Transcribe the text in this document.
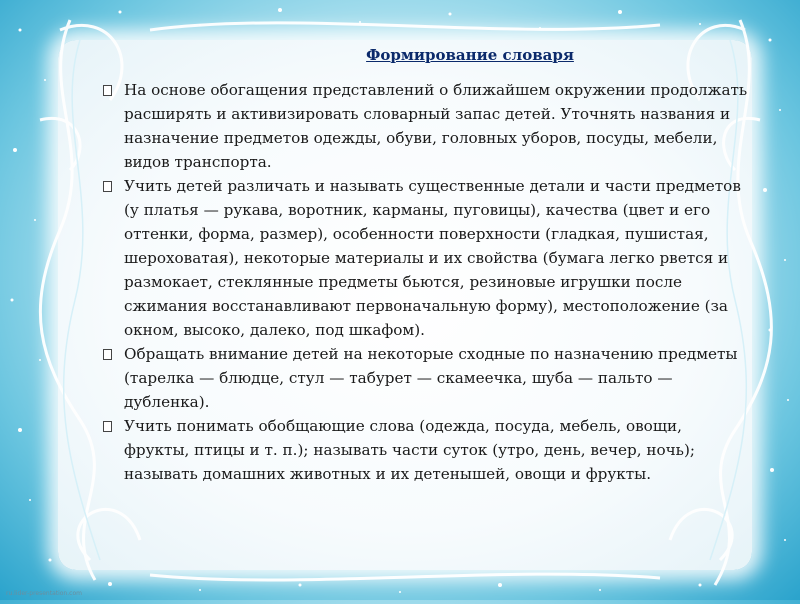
Формирование словаря
На основе обогащения представлений о ближайшем окружении продолжать расширять и активизировать словарный запас детей. Уточнять названия и назначение предметов одежды, обуви, головных уборов, посуды, мебели, видов транспорта.
Учить детей различать и называть существенные детали и части предметов (у платья — рукава, воротник, карманы, пуговицы), качества (цвет и его оттенки, форма, размер), особенности поверхности (гладкая, пушистая, шероховатая), некоторые материалы и их свойства (бумага легко рвется и размокает, стеклянные предметы бьются, резиновые игрушки после сжимания восстанавливают первоначальную форму), местоположение (за окном, высоко, далеко, под шкафом).
Обращать внимание детей на некоторые сходные по назначению предметы (тарелка — блюдце, стул — табурет — скамеечка, шуба — пальто — дубленка).
Учить понимать обобщающие слова (одежда, посуда, мебель, овощи, фрукты, птицы и т. п.); называть части суток (утро, день, вечер, ночь); называть домашних животных и их детенышей, овощи и фрукты.
ru.lider-presentation.com
